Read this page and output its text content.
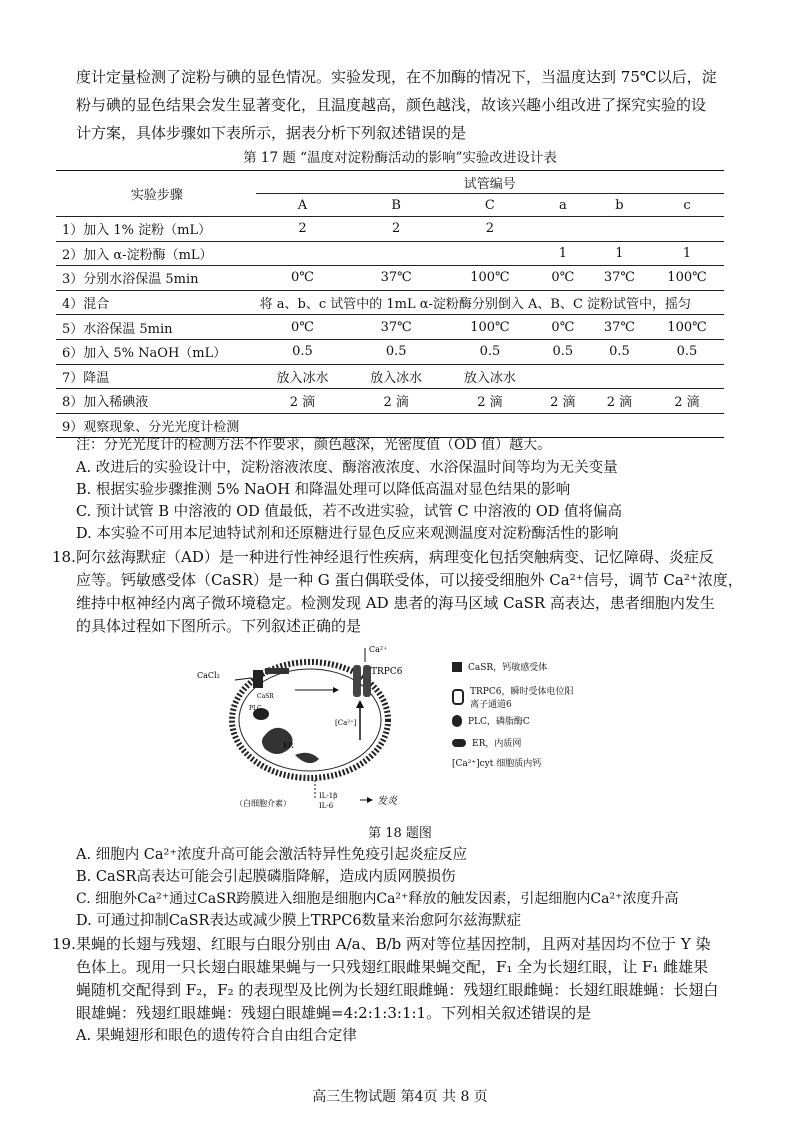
度计定量检测了淀粉与碘的显色情况。实验发现，在不加酶的情况下，当温度达到 75℃以后，淀
粉与碘的显色结果会发生显著变化，且温度越高，颜色越浅，故该兴趣小组改进了探究实验的设
计方案，具体步骤如下表所示，据表分析下列叙述错误的是
第 17 题 “温度对淀粉酶活动的影响”实验改进设计表
实验步骤	试管编号					
	A	B	C	a	b	c
1）加入 1% 淀粉（mL）	2	2	2			
2）加入 α-淀粉酶（mL）				1	1	1
3）分别水浴保温 5min	0℃	37℃	100℃	0℃	37℃	100℃
4）混合	将 a、b、c 试管中的 1mL α-淀粉酶分别倒入 A、B、C 淀粉试管中，摇匀					
5）水浴保温 5min	0℃	37℃	100℃	0℃	37℃	100℃
6）加入 5% NaOH（mL）	0.5	0.5	0.5	0.5	0.5	0.5
7）降温	放入冰水	放入冰水	放入冰水			
8）加入稀碘液	2 滴	2 滴	2 滴	2 滴	2 滴	2 滴
9）观察现象、分光光度计检测						
注：分光光度计的检测方法不作要求，颜色越深，光密度值（OD 值）越大。
A. 改进后的实验设计中，淀粉溶液浓度、酶溶液浓度、水浴保温时间等均为无关变量
B. 根据实验步骤推测 5% NaOH 和降温处理可以降低高温对显色结果的影响
C. 预计试管 B 中溶液的 OD 值最低，若不改进实验，试管 C 中溶液的 OD 值将偏高
D. 本实验不可用本尼迪特试剂和还原糖进行显色反应来观测温度对淀粉酶活性的影响
18. 阿尔兹海默症（AD）是一种进行性神经退行性疾病，病理变化包括突触病变、记忆障碍、炎症反
应等。钙敏感受体（CaSR）是一种 G 蛋白偶联受体，可以接受细胞外 Ca²⁺信号，调节 Ca²⁺浓度，
维持中枢神经内离子微环境稳定。检测发现 AD 患者的海马区域 CaSR 高表达，患者细胞内发生
的具体过程如下图所示。下列叙述正确的是
CaCl₂
Ca²⁺
TRPC6
CaSR
[Ca²⁺]
ER
PLC
（白细胞介素）
IL-1β
IL-6	发炎
CaSR，钙敏感受体
TRPC6，瞬时受体电位阳离子通道6
PLC，磷脂酶C
ER，内质网
[Ca²⁺]cyt 细胞质内钙
第 18 题图
A. 细胞内 Ca²⁺浓度升高可能会激活特异性免疫引起炎症反应
B. CaSR高表达可能会引起膜磷脂降解，造成内质网膜损伤
C. 细胞外Ca²⁺通过CaSR跨膜进入细胞是细胞内Ca²⁺释放的触发因素，引起细胞内Ca²⁺浓度升高
D. 可通过抑制CaSR表达或减少膜上TRPC6数量来治愈阿尔兹海默症
19. 果蝇的长翅与残翅、红眼与白眼分别由 A/a、B/b 两对等位基因控制，且两对基因均不位于 Y 染
色体上。现用一只长翅白眼雄果蝇与一只残翅红眼雌果蝇交配，F₁ 全为长翅红眼，让 F₁ 雌雄果
蝇随机交配得到 F₂，F₂ 的表现型及比例为长翅红眼雌蝇：残翅红眼雌蝇：长翅红眼雄蝇：长翅白
眼雄蝇：残翅红眼雄蝇：残翅白眼雄蝇=4:2:1:3:1:1。下列相关叙述错误的是
A. 果蝇翅形和眼色的遗传符合自由组合定律
高三生物试题 第4页 共 8 页
